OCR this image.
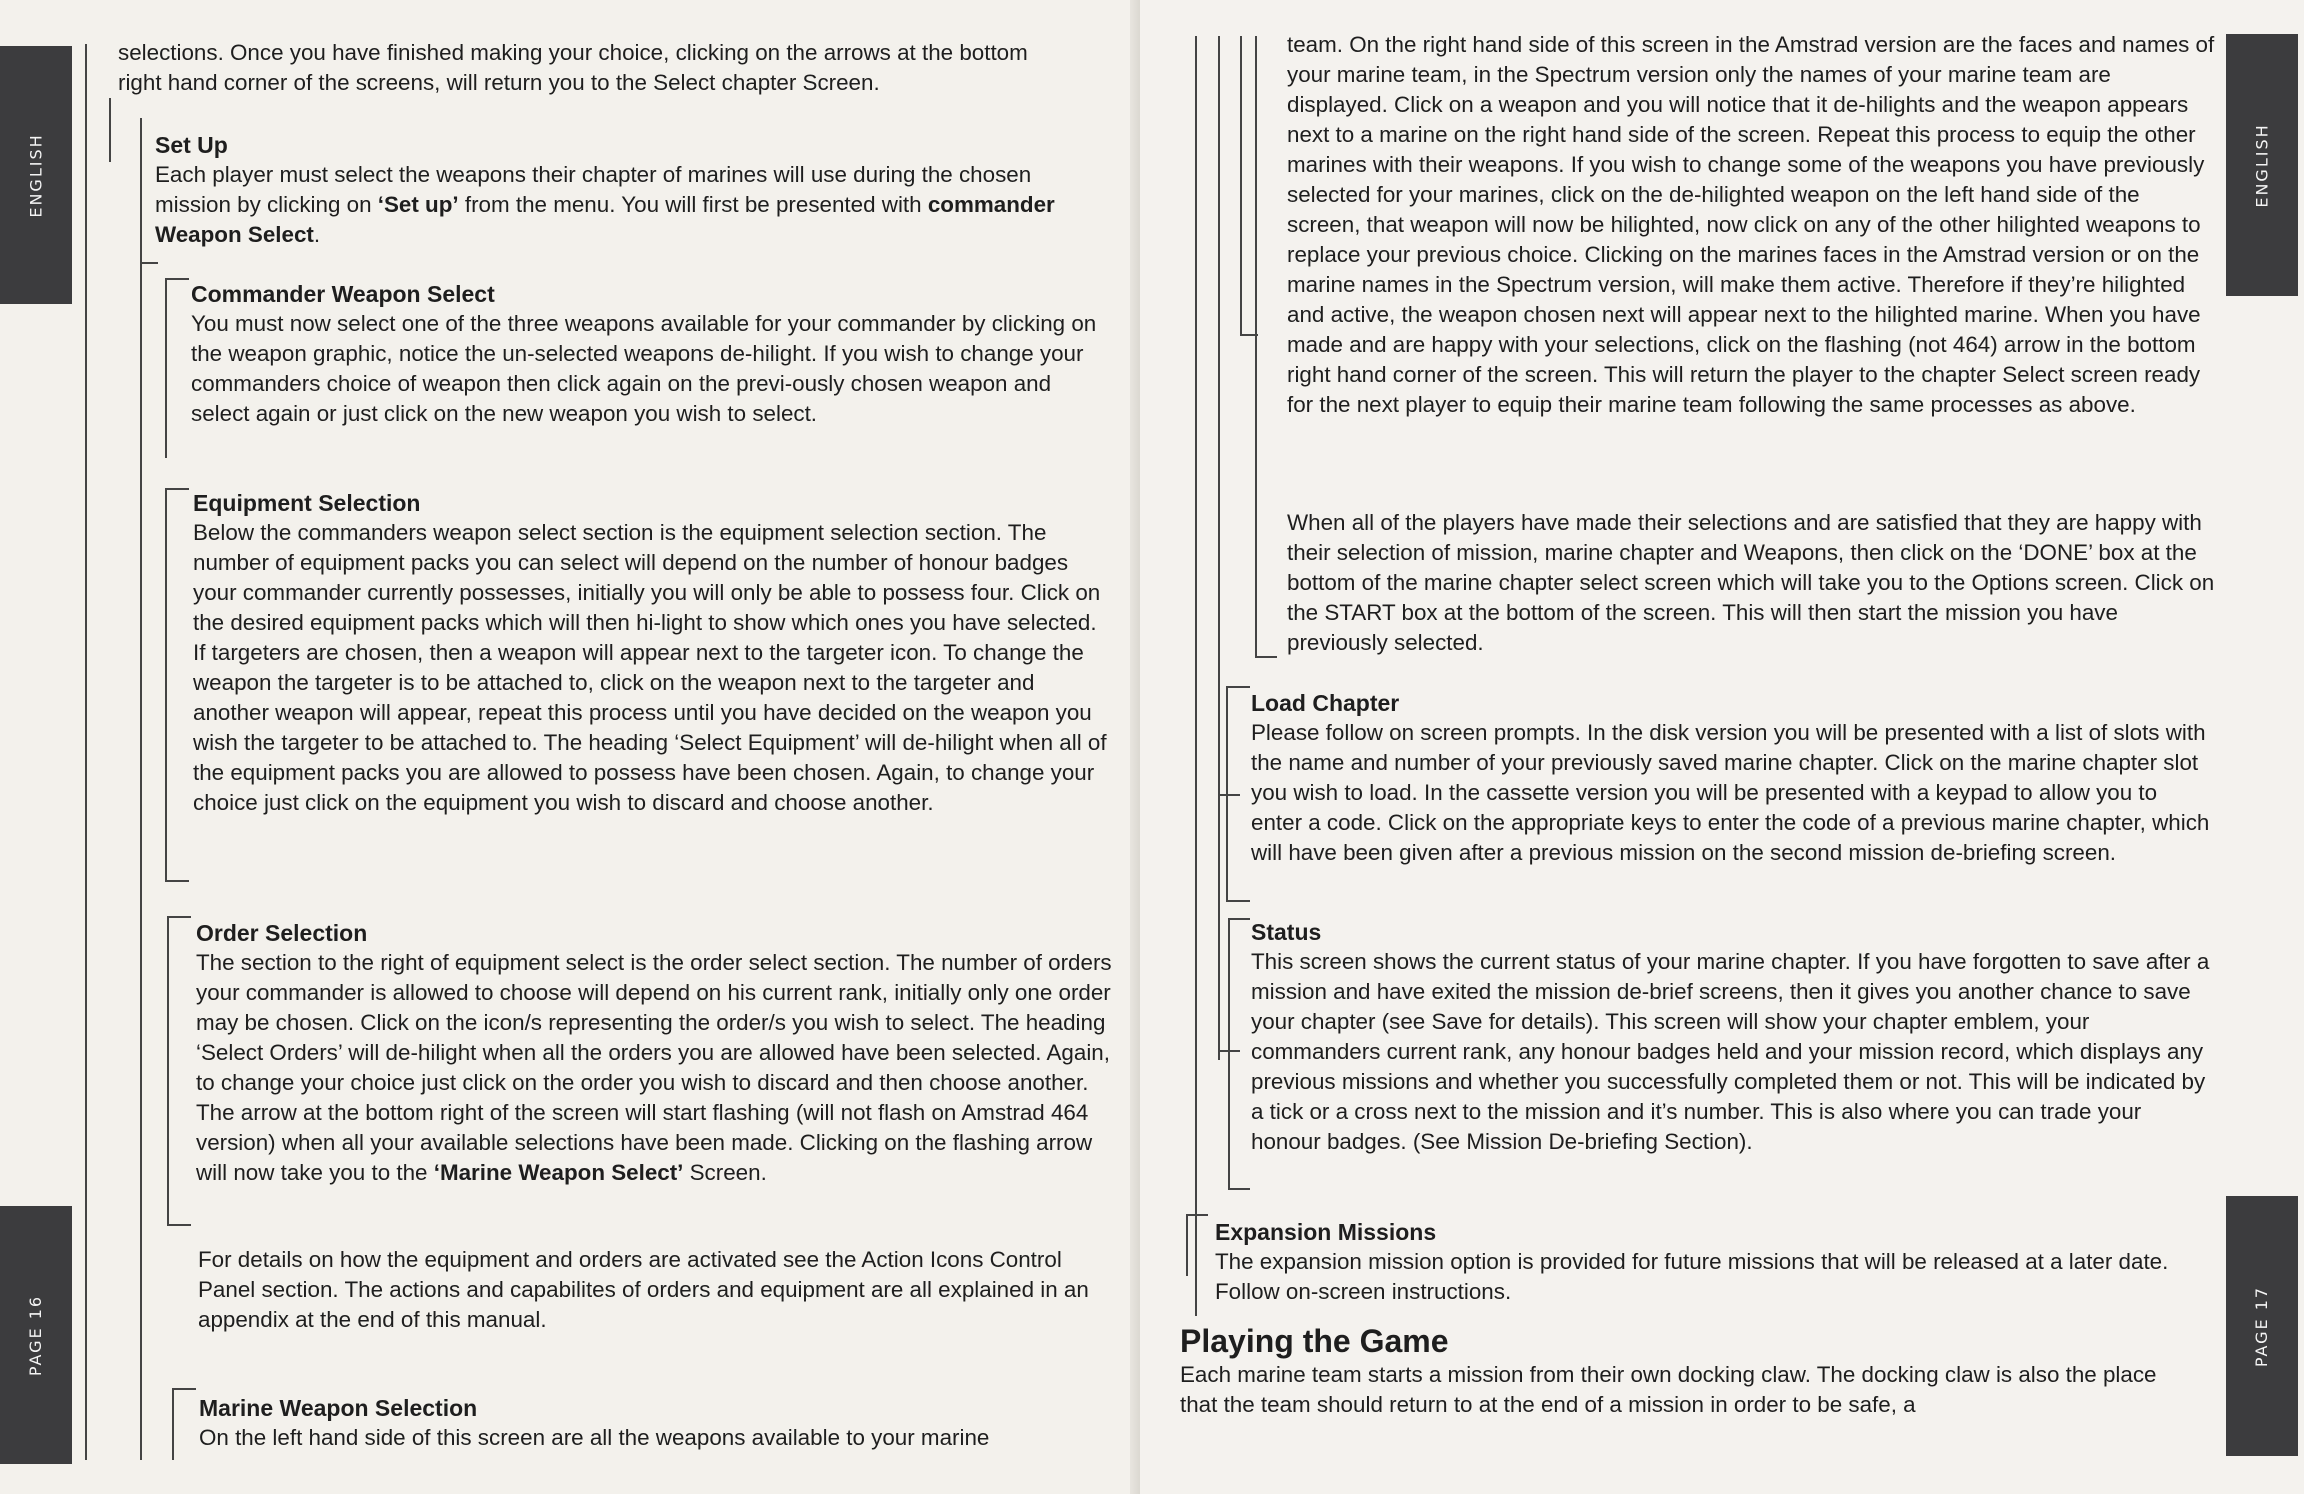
ENGLISH
PAGE 16

selections. Once you have finished making your choice, clicking on the arrows at the bottom right hand corner of the screens, will return you to the Select chapter Screen.

Set Up

Each player must select the weapons their chapter of marines will use during the chosen mission by clicking on ‘Set up’ from the menu. You will first be presented with commander Weapon Select.

Commander Weapon Select

You must now select one of the three weapons available for your commander by clicking on the weapon graphic, notice the un-selected weapons de-hilight. If you wish to change your commanders choice of weapon then click again on the previ-ously chosen weapon and select again or just click on the new weapon you wish to select.

Equipment Selection

Below the commanders weapon select section is the equipment selection section. The number of equipment packs you can select will depend on the number of honour badges your commander currently possesses, initially you will only be able to possess four. Click on the desired equipment packs which will then hi-light to show which ones you have selected. If targeters are chosen, then a weapon will appear next to the targeter icon. To change the weapon the targeter is to be attached to, click on the weapon next to the targeter and another weapon will appear, repeat this process until you have decided on the weapon you wish the targeter to be attached to. The heading ‘Select Equipment’ will de-hilight when all of the equipment packs you are allowed to possess have been chosen. Again, to change your choice just click on the equipment you wish to discard and choose another.

Order Selection

The section to the right of equipment select is the order select section. The number of orders your commander is allowed to choose will depend on his current rank, initially only one order may be chosen. Click on the icon/s representing the order/s you wish to select. The heading ‘Select Orders’ will de-hilight when all the orders you are allowed have been selected. Again, to change your choice just click on the order you wish to discard and then choose another. The arrow at the bottom right of the screen will start flashing (will not flash on Amstrad 464 version) when all your available selections have been made. Clicking on the flashing arrow will now take you to the ‘Marine Weapon Select’ Screen.

For details on how the equipment and orders are activated see the Action Icons Control Panel section. The actions and capabilites of orders and equipment are all explained in an appendix at the end of this manual.

Marine Weapon Selection

On the left hand side of this screen are all the weapons available to your marine

ENGLISH
PAGE 17

team. On the right hand side of this screen in the Amstrad version are the faces and names of your marine team, in the Spectrum version only the names of your marine team are displayed. Click on a weapon and you will notice that it de-hilights and the weapon appears next to a marine on the right hand side of the screen. Repeat this process to equip the other marines with their weapons. If you wish to change some of the weapons you have previously selected for your marines, click on the de-hilighted weapon on the left hand side of the screen, that weapon will now be hilighted, now click on any of the other hilighted weapons to replace your previous choice. Clicking on the marines faces in the Amstrad version or on the marine names in the Spectrum version, will make them active. Therefore if they’re hilighted and active, the weapon chosen next will appear next to the hilighted marine. When you have made and are happy with your selections, click on the flashing (not 464) arrow in the bottom right hand corner of the screen. This will return the player to the chapter Select screen ready for the next player to equip their marine team following the same processes as above.

When all of the players have made their selections and are satisfied that they are happy with their selection of mission, marine chapter and Weapons, then click on the ‘DONE’ box at the bottom of the marine chapter select screen which will take you to the Options screen. Click on the START box at the bottom of the screen. This will then start the mission you have previously selected.

Load Chapter

Please follow on screen prompts. In the disk version you will be presented with a list of slots with the name and number of your previously saved marine chapter. Click on the marine chapter slot you wish to load. In the cassette version you will be presented with a keypad to allow you to enter a code. Click on the appropriate keys to enter the code of a previous marine chapter, which will have been given after a previous mission on the second mission de-briefing screen.

Status

This screen shows the current status of your marine chapter. If you have forgotten to save after a mission and have exited the mission de-brief screens, then it gives you another chance to save your chapter (see Save for details). This screen will show your chapter emblem, your commanders current rank, any honour badges held and your mission record, which displays any previous missions and whether you successfully completed them or not. This will be indicated by a tick or a cross next to the mission and it’s number. This is also where you can trade your honour badges. (See Mission De-briefing Section).

Expansion Missions

The expansion mission option is provided for future missions that will be released at a later date. Follow on-screen instructions.

Playing the Game

Each marine team starts a mission from their own docking claw. The docking claw is also the place that the team should return to at the end of a mission in order to be safe, a
